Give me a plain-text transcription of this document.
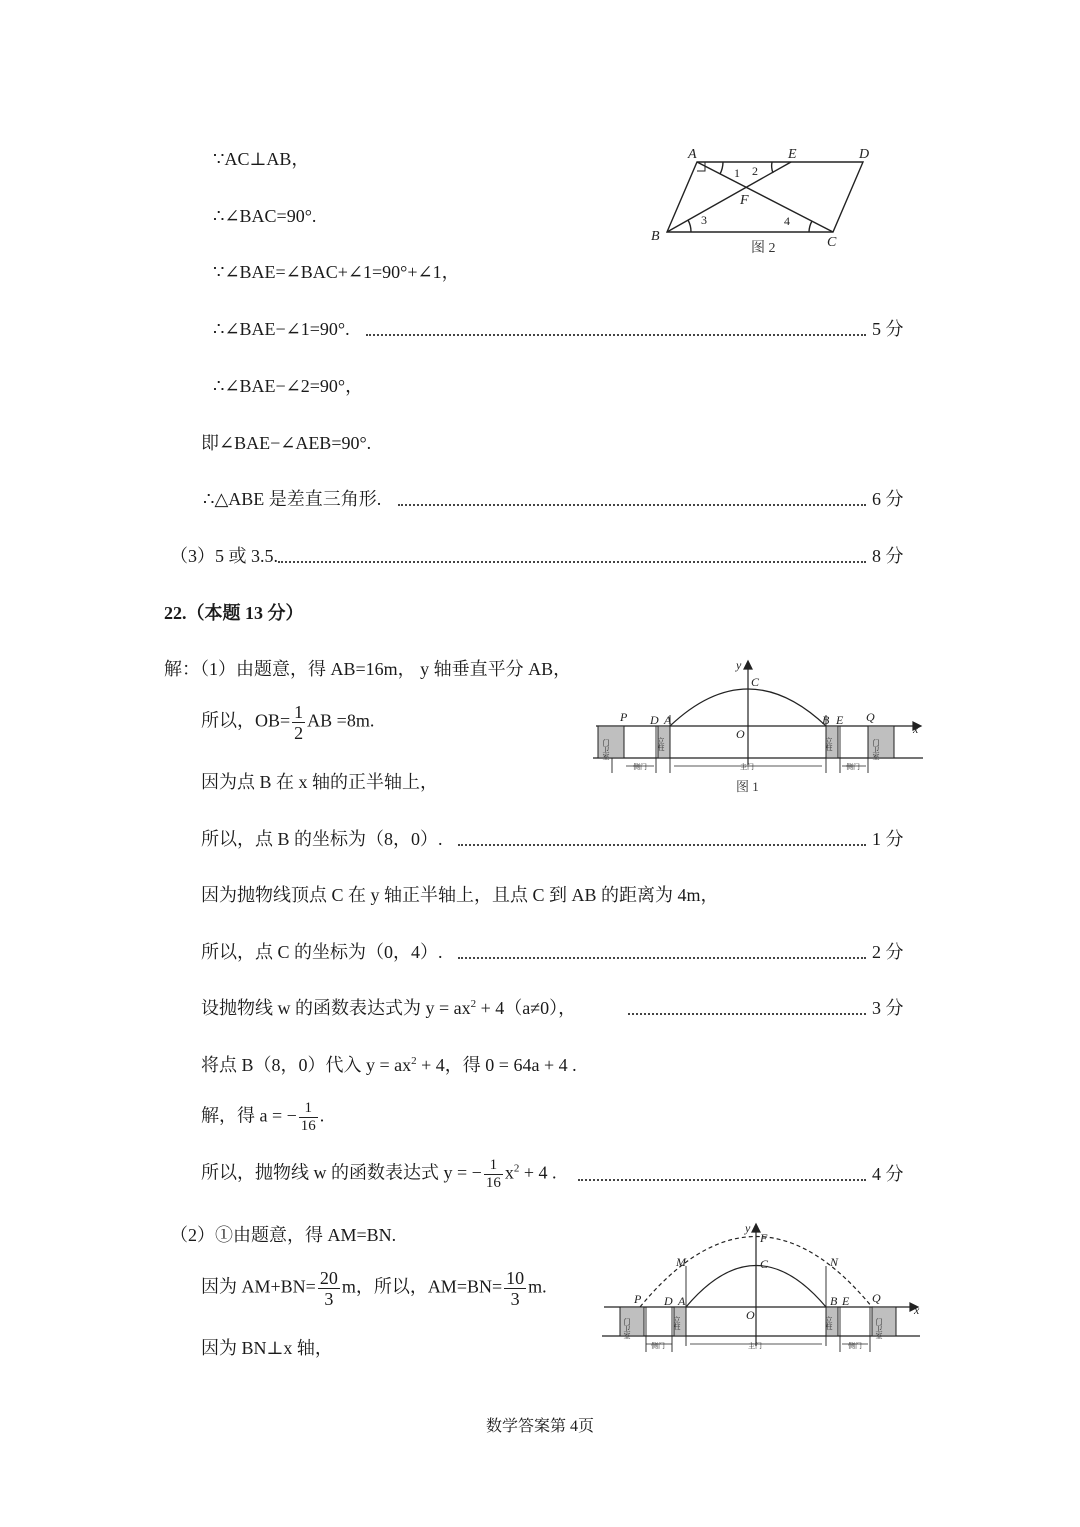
∵AC⊥AB，
∴∠BAC=90°.
∵∠BAE=∠BAC+∠1=90°+∠1，
∴∠BAE−∠1=90°.	5 分
∴∠BAE−∠2=90°，
即∠BAE−∠AEB=90°.
∴△ABE 是差直三角形.	6 分
（3）5 或 3.5.	8 分
22.（本题 13 分）
解：（1）由题意，得 AB=16m， y 轴垂直平分 AB，
所以，$OB= \frac{1}{2}$ AB =8m.
因为点 B 在 x 轴的正半轴上，
所以，点 B 的坐标为（8，0）.	1 分
因为抛物线顶点 C 在 y 轴正半轴上，且点 C 到 AB 的距离为 4m，
所以，点 C 的坐标为（0，4）.	2 分
设抛物线 w 的函数表达式为 $y = ax^2 + 4(a\ne 0)$，	3 分
将点 B（8，0）代入 $y = ax^2 + 4$，得 0 = 64a + 4 .
解，得 a = − $\frac{1}{16}$ .
所以，抛物线 w 的函数表达式 y = − $\frac{1}{16} x^2 + 4$ .	4 分
（2）①由题意，得 AM=BN.
因为 $AM+BN= \frac{20}{3}$ m，所以，$AM=BN= \frac{10}{3} m$.
因为 BN⊥x 轴，
A	E	D
B	C
F
1 2
3	4
图 2
门卫室	立柱	立柱	门卫室
侧门	主门	侧门
y
x
C
O
P D A	B E Q
图 1
门卫室	立柱	立柱	门卫室
侧门	主门	侧门
y
x
F
C
O
M	N
P D A	B E Q
数学答案第 4页
